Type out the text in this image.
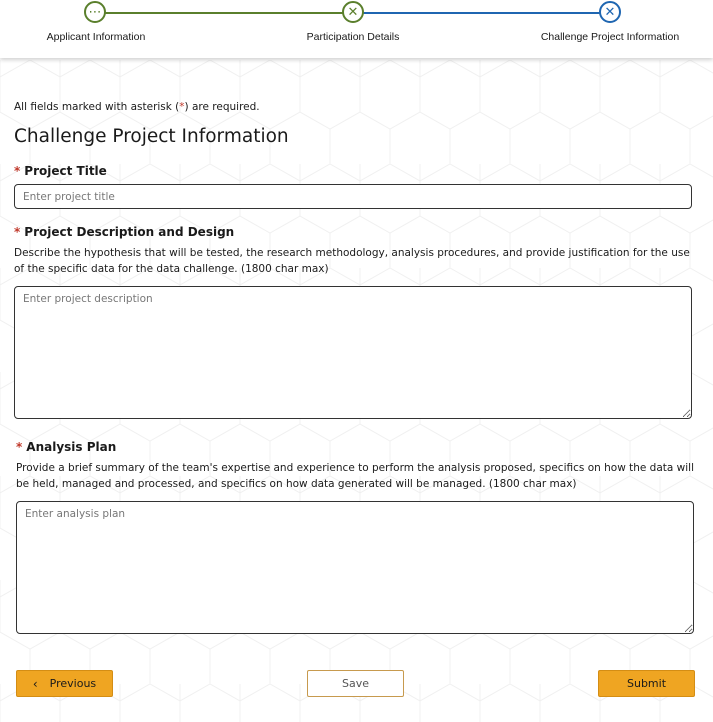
⋯	✕	✕
Applicant Information	Participation Details	Challenge Project Information
All fields marked with asterisk (*) are required.
Challenge Project Information
* Project Title
Enter project title
* Project Description and Design
Describe the hypothesis that will be tested, the research methodology, analysis procedures, and provide justification for the use of the specific data for the data challenge. (1800 char max)
Enter project description
* Analysis Plan
Provide a brief summary of the team's expertise and experience to perform the analysis proposed, specifics on how the data will be held, managed and processed, and specifics on how data generated will be managed. (1800 char max)
Enter analysis plan
‹ Previous	Save	Submit
